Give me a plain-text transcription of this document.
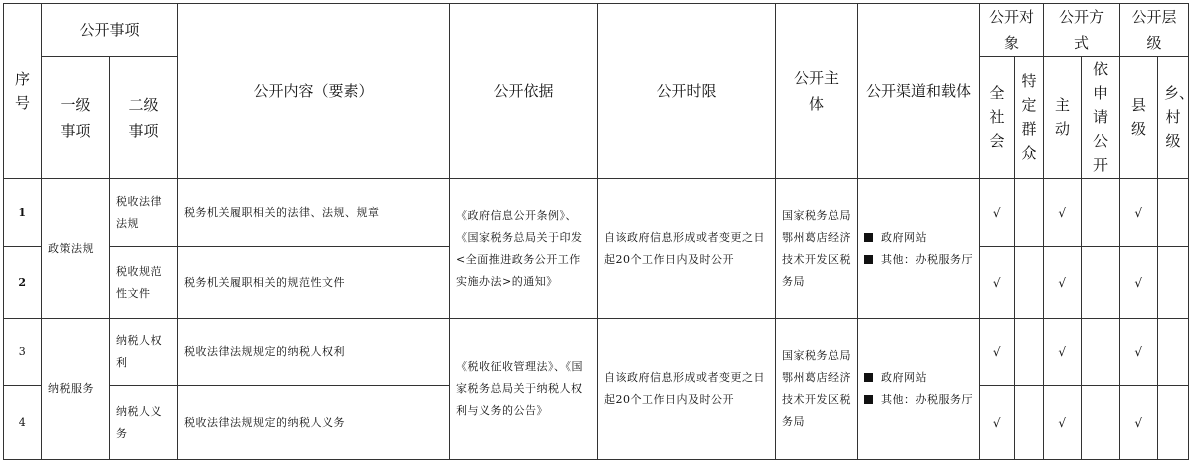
序号	公开事项		公开内容（要素）	公开依据	公开时限	公开主体	公开渠道和载体	公开对象		公开方式		公开层级	
	一级事项	二级事项						全社会	特定群众	主动	依申请公开	县级	乡、村级
1	政策法规	税收法律法规	税务机关履职相关的法律、法规、规章	《政府信息公开条例》、《国家税务总局关于印发<全面推进政务公开工作实施办法>的通知》	自该政府信息形成或者变更之日起20个工作日内及时公开	国家税务总局鄂州葛店经济技术开发区税务局	政府网站
其他：办税服务厅	√		√		√	
2		税收规范性文件	税务机关履职相关的规范性文件					√		√		√	
3	纳税服务	纳税人权利	税收法律法规规定的纳税人权利	《税收征收管理法》、《国家税务总局关于纳税人权利与义务的公告》	自该政府信息形成或者变更之日起20个工作日内及时公开	国家税务总局鄂州葛店经济技术开发区税务局	政府网站
其他：办税服务厅	√		√		√	
4		纳税人义务	税收法律法规规定的纳税人义务					√		√		√	
